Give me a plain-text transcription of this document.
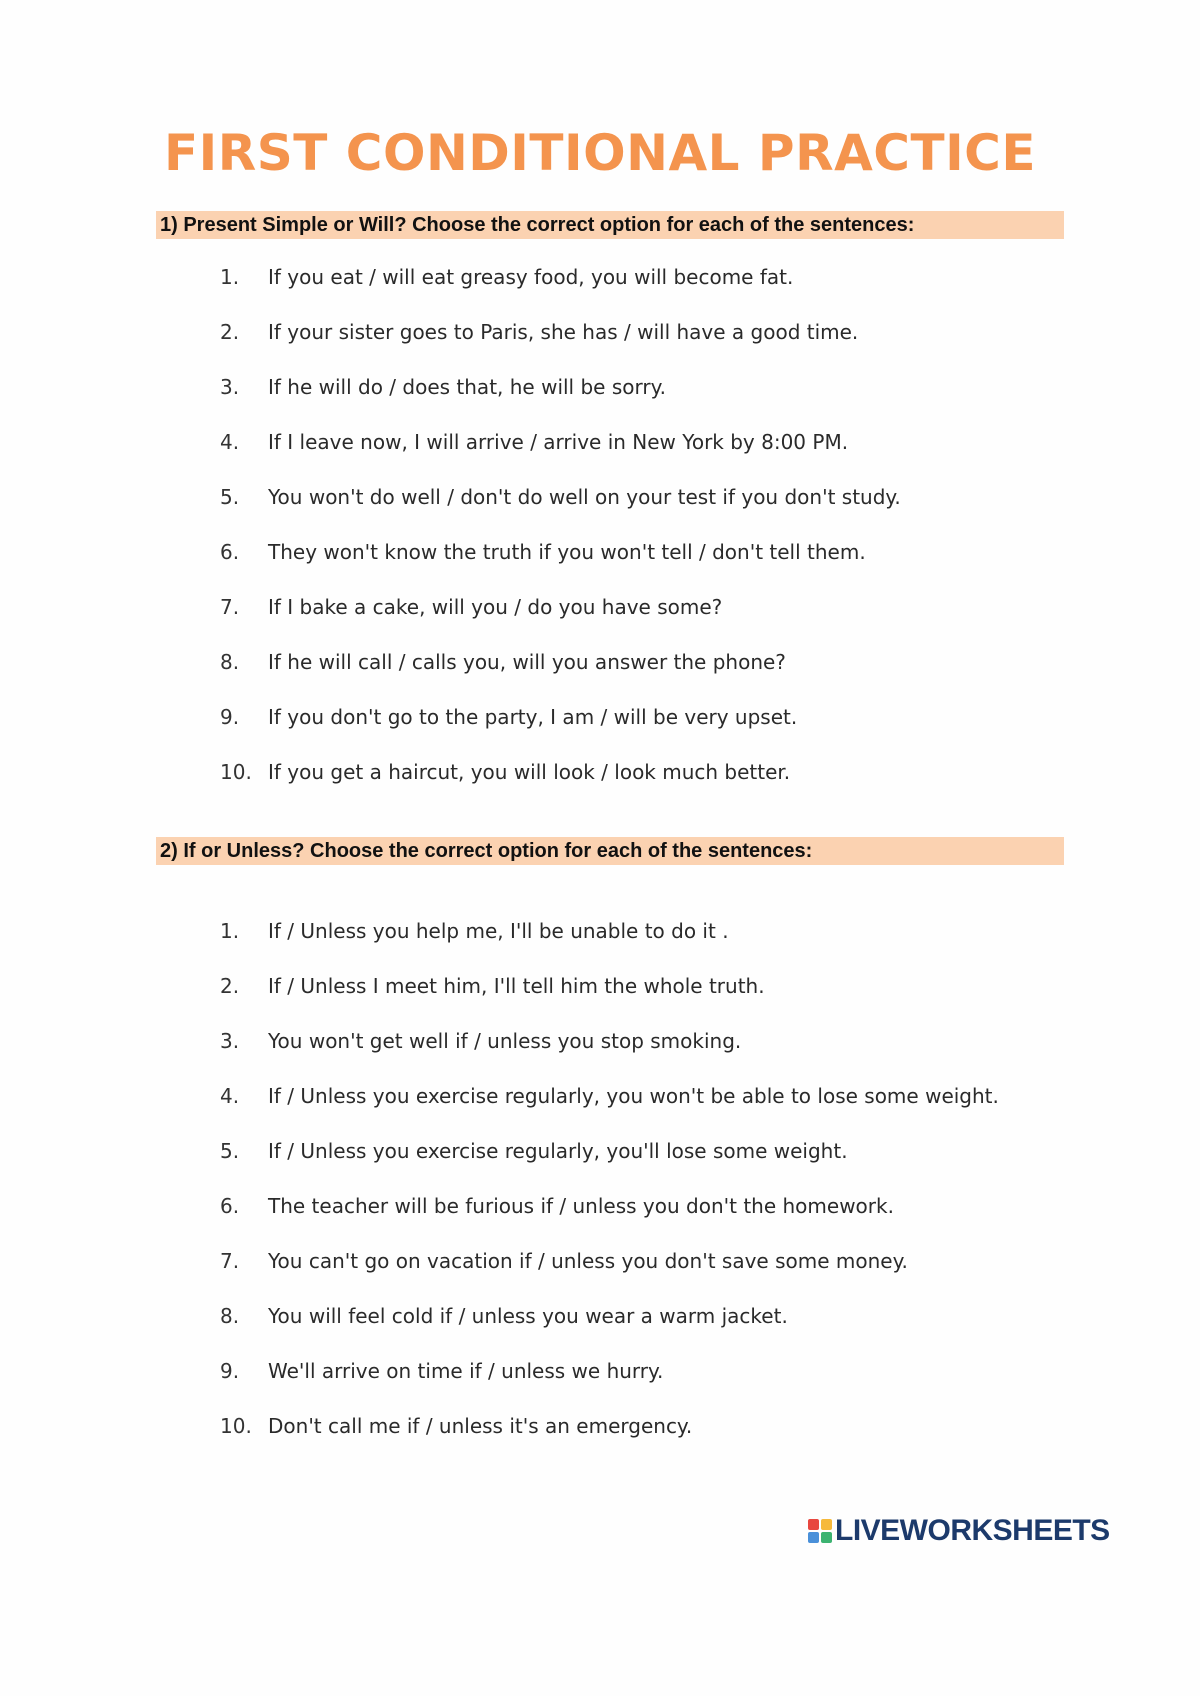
FIRST CONDITIONAL PRACTICE
1) Present Simple or Will? Choose the correct option for each of the sentences:
1.	If you eat / will eat greasy food, you will become fat.
2.	If your sister goes to Paris, she has / will have a good time.
3.	If he will do / does that, he will be sorry.
4.	If I leave now, I will arrive / arrive in New York by 8:00 PM.
5.	You won't do well / don't do well on your test if you don't study.
6.	They won't know the truth if you won't tell / don't tell them.
7.	If I bake a cake, will you / do you have some?
8.	If he will call / calls you, will you answer the phone?
9.	If you don't go to the party, I am / will be very upset.
10. If you get a haircut, you will look / look much better.
2) If or Unless? Choose the correct option for each of the sentences:
1.	If / Unless you help me, I'll be unable to do it .
2.	If / Unless I meet him, I'll tell him the whole truth.
3.	You won't get well if / unless you stop smoking.
4.	If / Unless you exercise regularly, you won't be able to lose some weight.
5.	If / Unless you exercise regularly, you'll lose some weight.
6.	The teacher will be furious if / unless you don't the homework.
7.	You can't go on vacation if / unless you don't save some money.
8.	You will feel cold if / unless you wear a warm jacket.
9.	We'll arrive on time if / unless we hurry.
10. Don't call me if / unless it's an emergency.
LIVEWORKSHEETS
